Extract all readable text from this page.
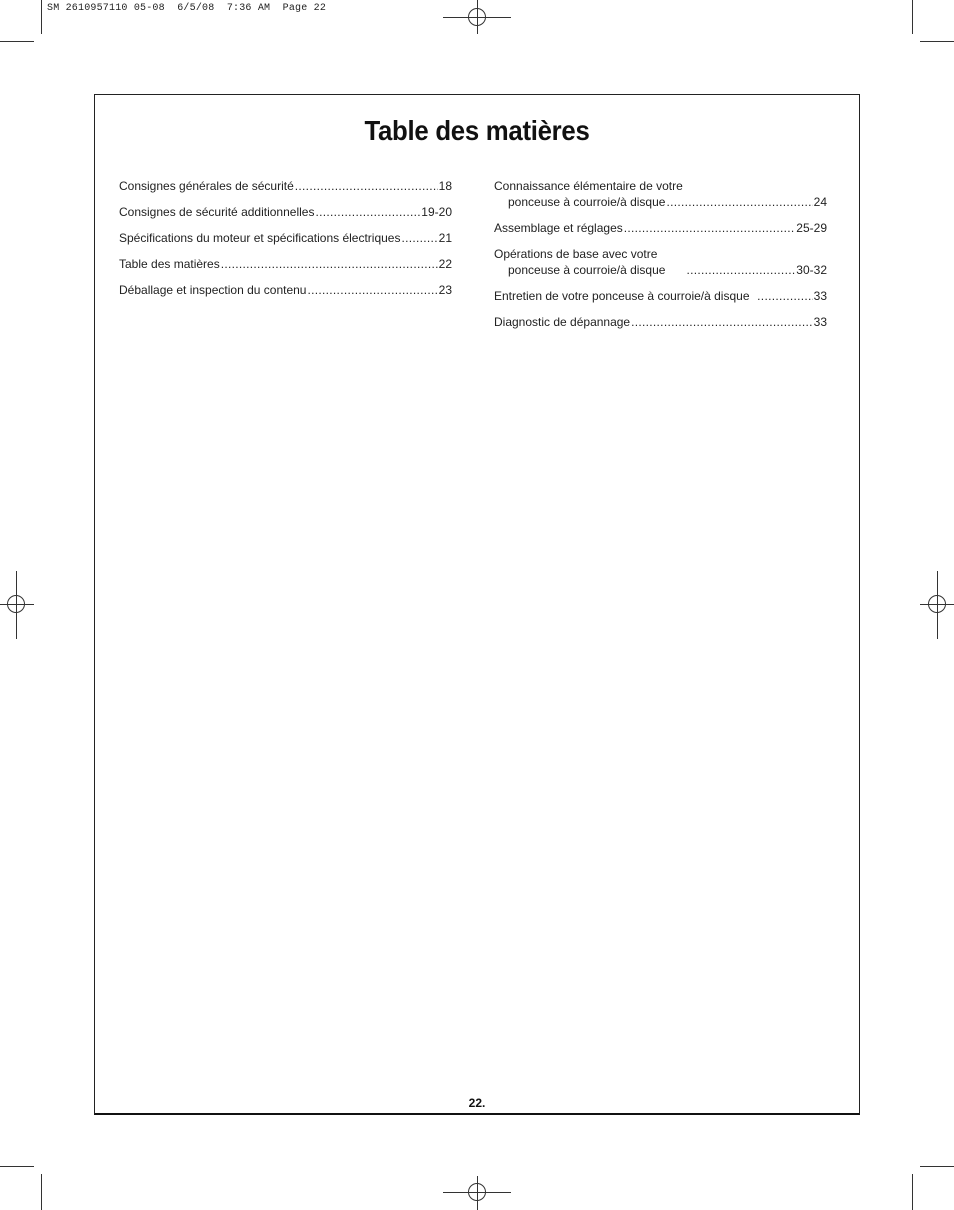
SM 2610957110 05-08  6/5/08  7:36 AM  Page 22
Table des matières
Consignes générales de sécurité .....	18
Consignes de sécurité additionnelles .....	19-20
Spécifications du moteur et spécifications électriques .....	21
Table des matières .....	22
Déballage et inspection du contenu .....	23
Connaissance élémentaire de votre
ponceuse à courroie/à disque .....	24
Assemblage et réglages .....	25-29
Opérations de base avec votre
ponceuse à courroie/à disque .....	30-32
Entretien de votre ponceuse à courroie/à disque .....	33
Diagnostic de dépannage .....	33
22.
